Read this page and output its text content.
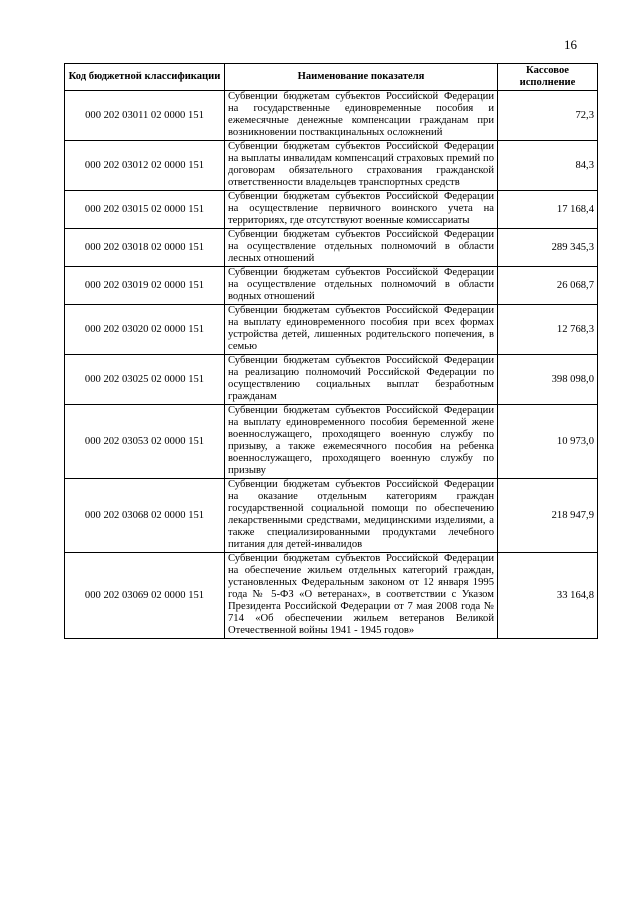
16
Код бюджетной классификации	Наименование показателя	Кассовое исполнение
000 202 03011 02 0000 151	Субвенции бюджетам субъектов Российской Федерации на государственные единовременные пособия и ежемесячные денежные компенсации гражданам при возникновении поствакцинальных осложнений	72,3
000 202 03012 02 0000 151	Субвенции бюджетам субъектов Российской Федерации на выплаты инвалидам компенсаций страховых премий по договорам обязательного страхования гражданской ответственности владельцев транспортных средств	84,3
000 202 03015 02 0000 151	Субвенции бюджетам субъектов Российской Федерации на осуществление первичного воинского учета на территориях, где отсутствуют военные комиссариаты	17 168,4
000 202 03018 02 0000 151	Субвенции бюджетам субъектов Российской Федерации на осуществление отдельных полномочий в области лесных отношений	289 345,3
000 202 03019 02 0000 151	Субвенции бюджетам субъектов Российской Федерации на осуществление отдельных полномочий в области водных отношений	26 068,7
000 202 03020 02 0000 151	Субвенции бюджетам субъектов Российской Федерации на выплату единовременного пособия при всех формах устройства детей, лишенных родительского попечения, в семью	12 768,3
000 202 03025 02 0000 151	Субвенции бюджетам субъектов Российской Федерации на реализацию полномочий Российской Федерации по осуществлению социальных выплат безработным гражданам	398 098,0
000 202 03053 02 0000 151	Субвенции бюджетам субъектов Российской Федерации на выплату единовременного пособия беременной жене военнослужащего, проходящего военную службу по призыву, а также ежемесячного пособия на ребенка военнослужащего, проходящего военную службу по призыву	10 973,0
000 202 03068 02 0000 151	Субвенции бюджетам субъектов Российской Федерации на оказание отдельным категориям граждан государственной социальной помощи по обеспечению лекарственными средствами, медицинскими изделиями, а также специализированными продуктами лечебного питания для детей-инвалидов	218 947,9
000 202 03069 02 0000 151	Субвенции бюджетам субъектов Российской Федерации на обеспечение жильем отдельных категорий граждан, установленных Федеральным законом от 12 января 1995 года № 5-ФЗ «О ветеранах», в соответствии с Указом Президента Российской Федерации от 7 мая 2008 года № 714 «Об обеспечении жильем ветеранов Великой Отечественной войны 1941 - 1945 годов»	33 164,8
